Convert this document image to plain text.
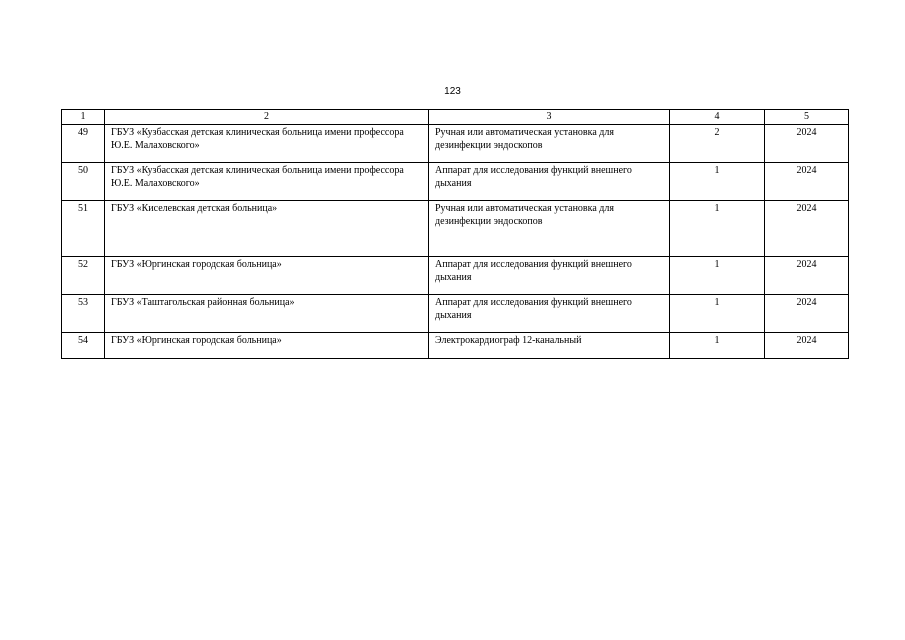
123
1	2	3	4	5
49	ГБУЗ «Кузбасская детская клиническая больница имени профессора Ю.Е. Малаховского»	Ручная или автоматическая установка для дезинфекции эндоскопов	2	2024
50	ГБУЗ «Кузбасская детская клиническая больница имени профессора Ю.Е. Малаховского»	Аппарат для исследования функций внешнего дыхания	1	2024
51	ГБУЗ «Киселевская детская больница»	Ручная или автоматическая установка для дезинфекции эндоскопов	1	2024
52	ГБУЗ «Юргинская городская больница»	Аппарат для исследования функций внешнего дыхания	1	2024
53	ГБУЗ «Таштагольская районная больница»	Аппарат для исследования функций внешнего дыхания	1	2024
54	ГБУЗ «Юргинская городская больница»	Электрокардиограф 12-канальный	1	2024
